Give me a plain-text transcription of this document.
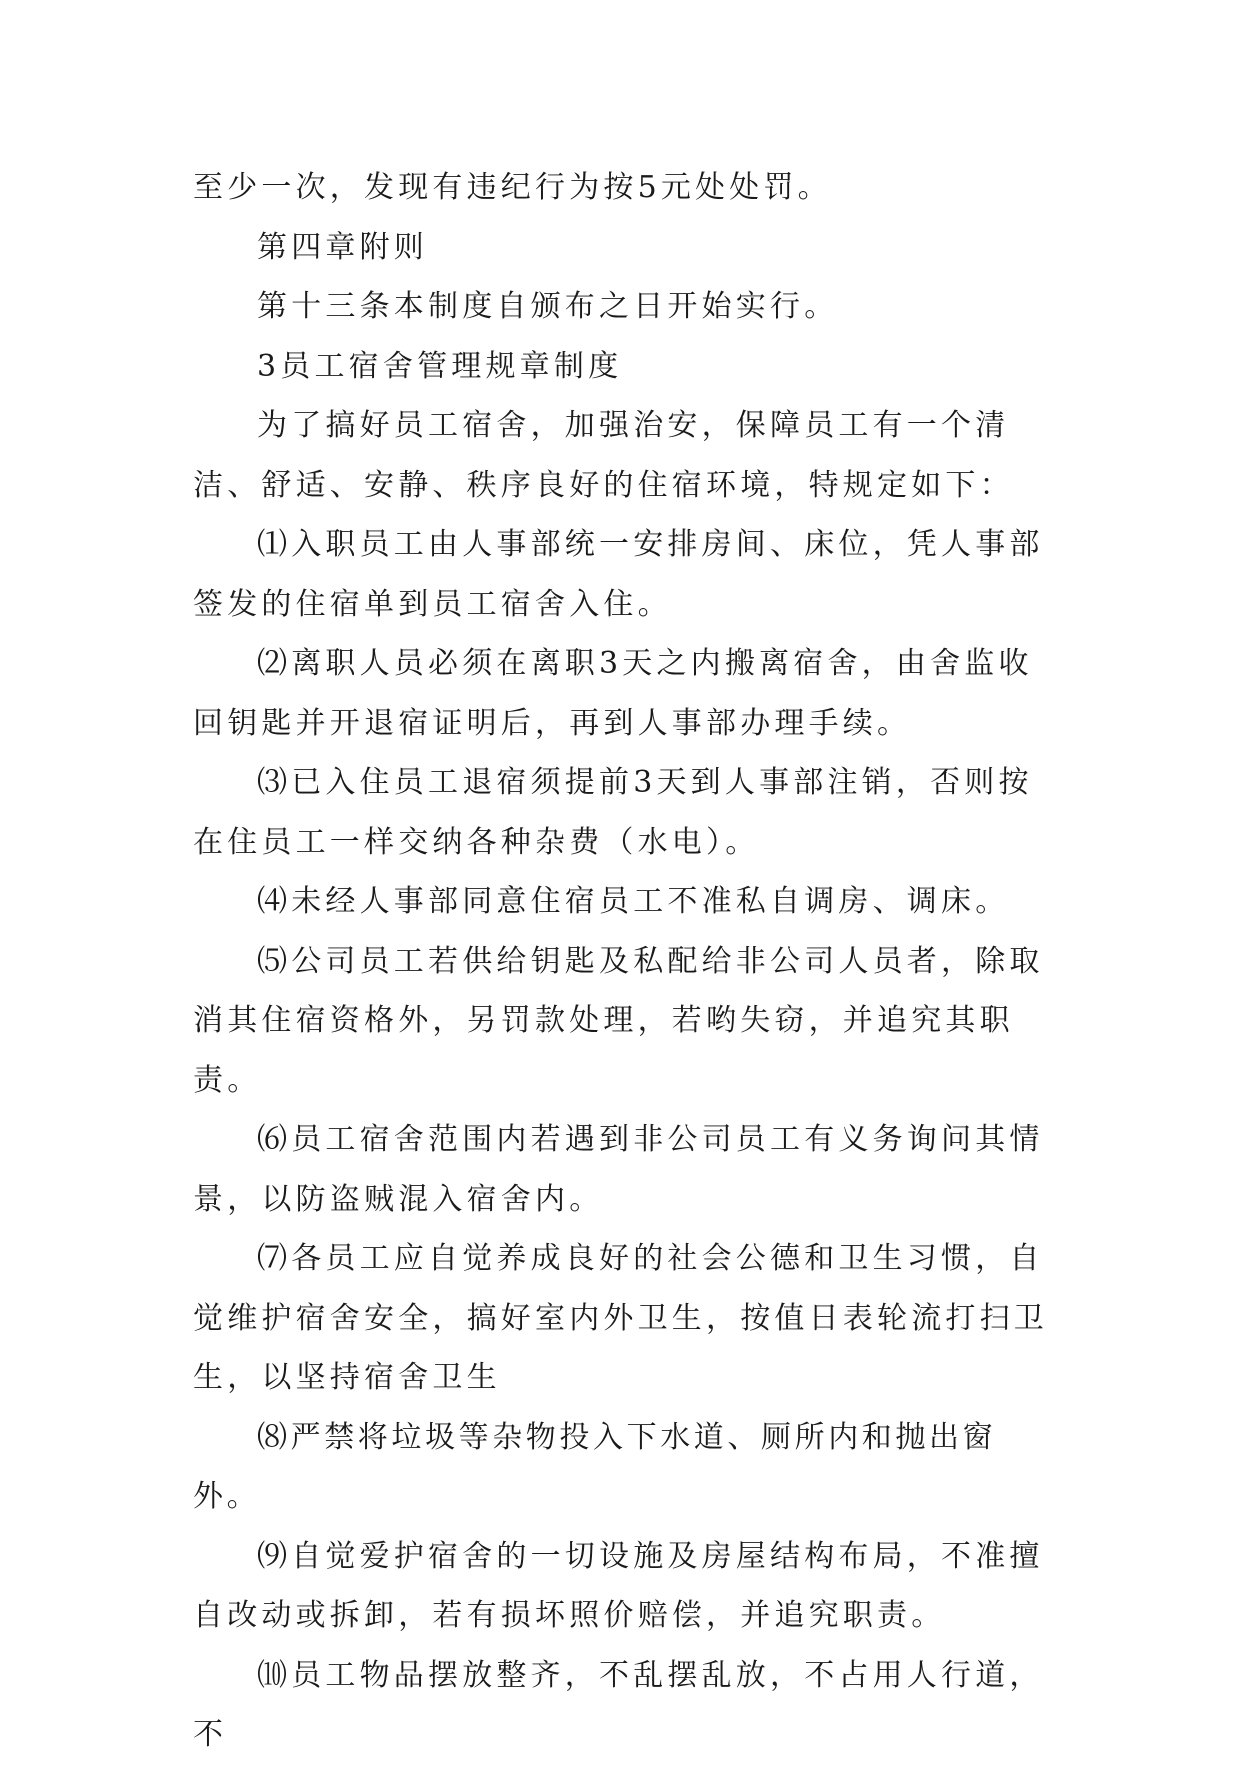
至少一次，发现有违纪行为按5元处处罚。

第四章附则

第十三条本制度自颁布之日开始实行。

3员工宿舍管理规章制度

为了搞好员工宿舍，加强治安，保障员工有一个清洁、舒适、安静、秩序良好的住宿环境，特规定如下：

⑴入职员工由人事部统一安排房间、床位，凭人事部签发的住宿单到员工宿舍入住。

⑵离职人员必须在离职3天之内搬离宿舍，由舍监收回钥匙并开退宿证明后，再到人事部办理手续。

⑶已入住员工退宿须提前3天到人事部注销，否则按在住员工一样交纳各种杂费（水电）。

⑷未经人事部同意住宿员工不准私自调房、调床。

⑸公司员工若供给钥匙及私配给非公司人员者，除取消其住宿资格外，另罚款处理，若哟失窃，并追究其职责。

⑹员工宿舍范围内若遇到非公司员工有义务询问其情景，以防盗贼混入宿舍内。

⑺各员工应自觉养成良好的社会公德和卫生习惯，自觉维护宿舍安全，搞好室内外卫生，按值日表轮流打扫卫生，以坚持宿舍卫生

⑻严禁将垃圾等杂物投入下水道、厕所内和抛出窗外。

⑼自觉爱护宿舍的一切设施及房屋结构布局，不准擅自改动或拆卸，若有损坏照价赔偿，并追究职责。

⑽员工物品摆放整齐，不乱摆乱放，不占用人行道，不
